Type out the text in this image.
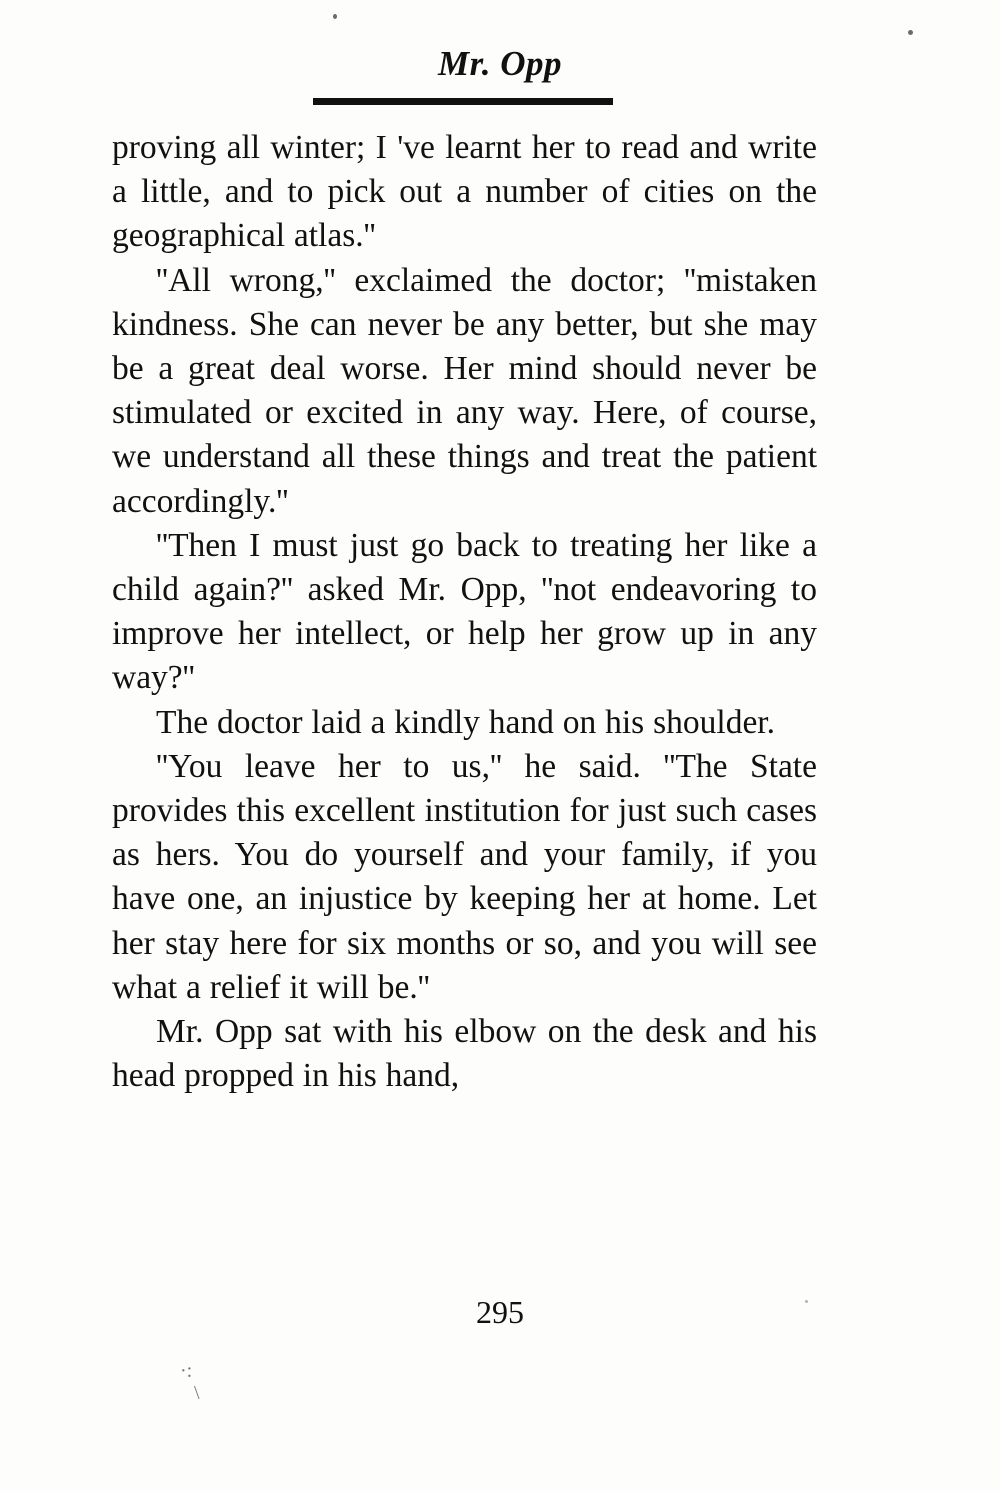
Mr. Opp

proving all winter; I 've learnt her to read and write a little, and to pick out a number of cities on the geographical atlas.''

''All wrong,'' exclaimed the doctor; ''mistaken kindness. She can never be any better, but she may be a great deal worse. Her mind should never be stimulated or excited in any way. Here, of course, we understand all these things and treat the patient accordingly.''

''Then I must just go back to treating her like a child again?'' asked Mr. Opp, ''not endeavoring to improve her intellect, or help her grow up in any way?''

The doctor laid a kindly hand on his shoulder.

''You leave her to us,'' he said. ''The State provides this excellent institution for just such cases as hers. You do yourself and your family, if you have one, an injustice by keeping her at home. Let her stay here for six months or so, and you will see what a relief it will be.''

Mr. Opp sat with his elbow on the desk and his head propped in his hand,

295
·:
\
